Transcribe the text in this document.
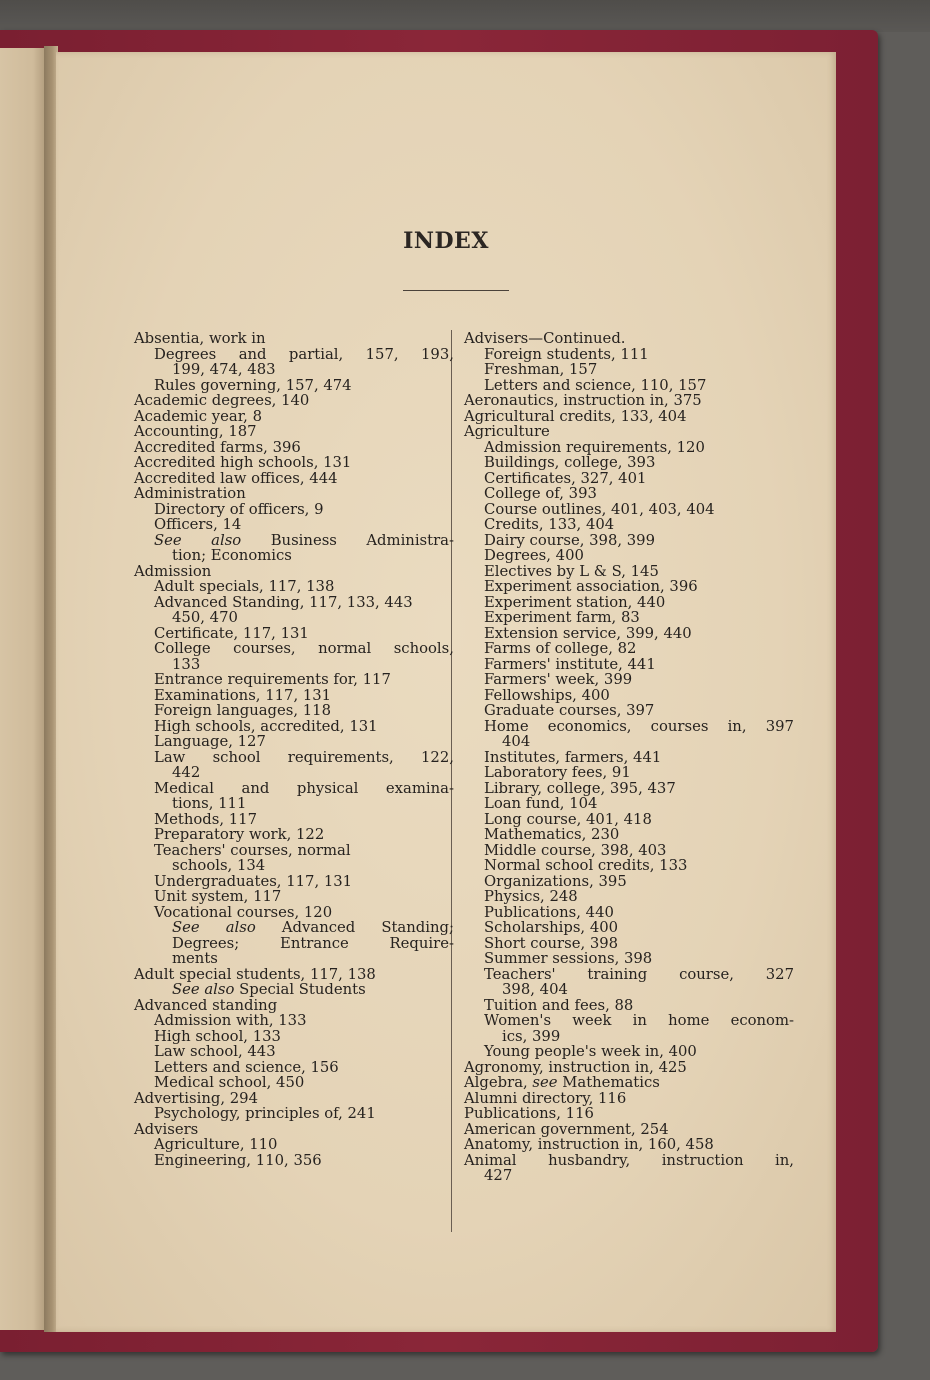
INDEX
Absentia, work in
Degrees and partial, 157, 193,
199, 474, 483
Rules governing, 157, 474
Academic degrees, 140
Academic year, 8
Accounting, 187
Accredited farms, 396
Accredited high schools, 131
Accredited law offices, 444
Administration
Directory of officers, 9
Officers, 14
See also Business Administra-
tion; Economics
Admission
Adult specials, 117, 138
Advanced Standing, 117, 133, 443
450, 470
Certificate, 117, 131
College courses, normal schools,
133
Entrance requirements for, 117
Examinations, 117, 131
Foreign languages, 118
High schools, accredited, 131
Language, 127
Law school requirements, 122,
442
Medical and physical examina-
tions, 111
Methods, 117
Preparatory work, 122
Teachers' courses, normal
schools, 134
Undergraduates, 117, 131
Unit system, 117
Vocational courses, 120
See also Advanced Standing;
Degrees;	Entrance	Require-
ments
Adult special students, 117, 138
See also Special Students
Advanced standing
Admission with, 133
High school, 133
Law school, 443
Letters and science, 156
Medical school, 450
Advertising, 294
Psychology, principles of, 241
Advisers
Agriculture, 110
Engineering, 110, 356
Advisers—Continued.
Foreign students, 111
Freshman, 157
Letters and science, 110, 157
Aeronautics, instruction in, 375
Agricultural credits, 133, 404
Agriculture
Admission requirements, 120
Buildings, college, 393
Certificates, 327, 401
College of, 393
Course outlines, 401, 403, 404
Credits, 133, 404
Dairy course, 398, 399
Degrees, 400
Electives by L & S, 145
Experiment association, 396
Experiment station, 440
Experiment farm, 83
Extension service, 399, 440
Farms of college, 82
Farmers' institute, 441
Farmers' week, 399
Fellowships, 400
Graduate courses, 397
Home economics, courses in, 397
404
Institutes, farmers, 441
Laboratory fees, 91
Library, college, 395, 437
Loan fund, 104
Long course, 401, 418
Mathematics, 230
Middle course, 398, 403
Normal school credits, 133
Organizations, 395
Physics, 248
Publications, 440
Scholarships, 400
Short course, 398
Summer sessions, 398
Teachers' training course, 327
398, 404
Tuition and fees, 88
Women's week in home econom-
ics, 399
Young people's week in, 400
Agronomy, instruction in, 425
Algebra, see Mathematics
Alumni directory, 116
Publications, 116
American government, 254
Anatomy, instruction in, 160, 458
Animal husbandry, instruction in,
427
